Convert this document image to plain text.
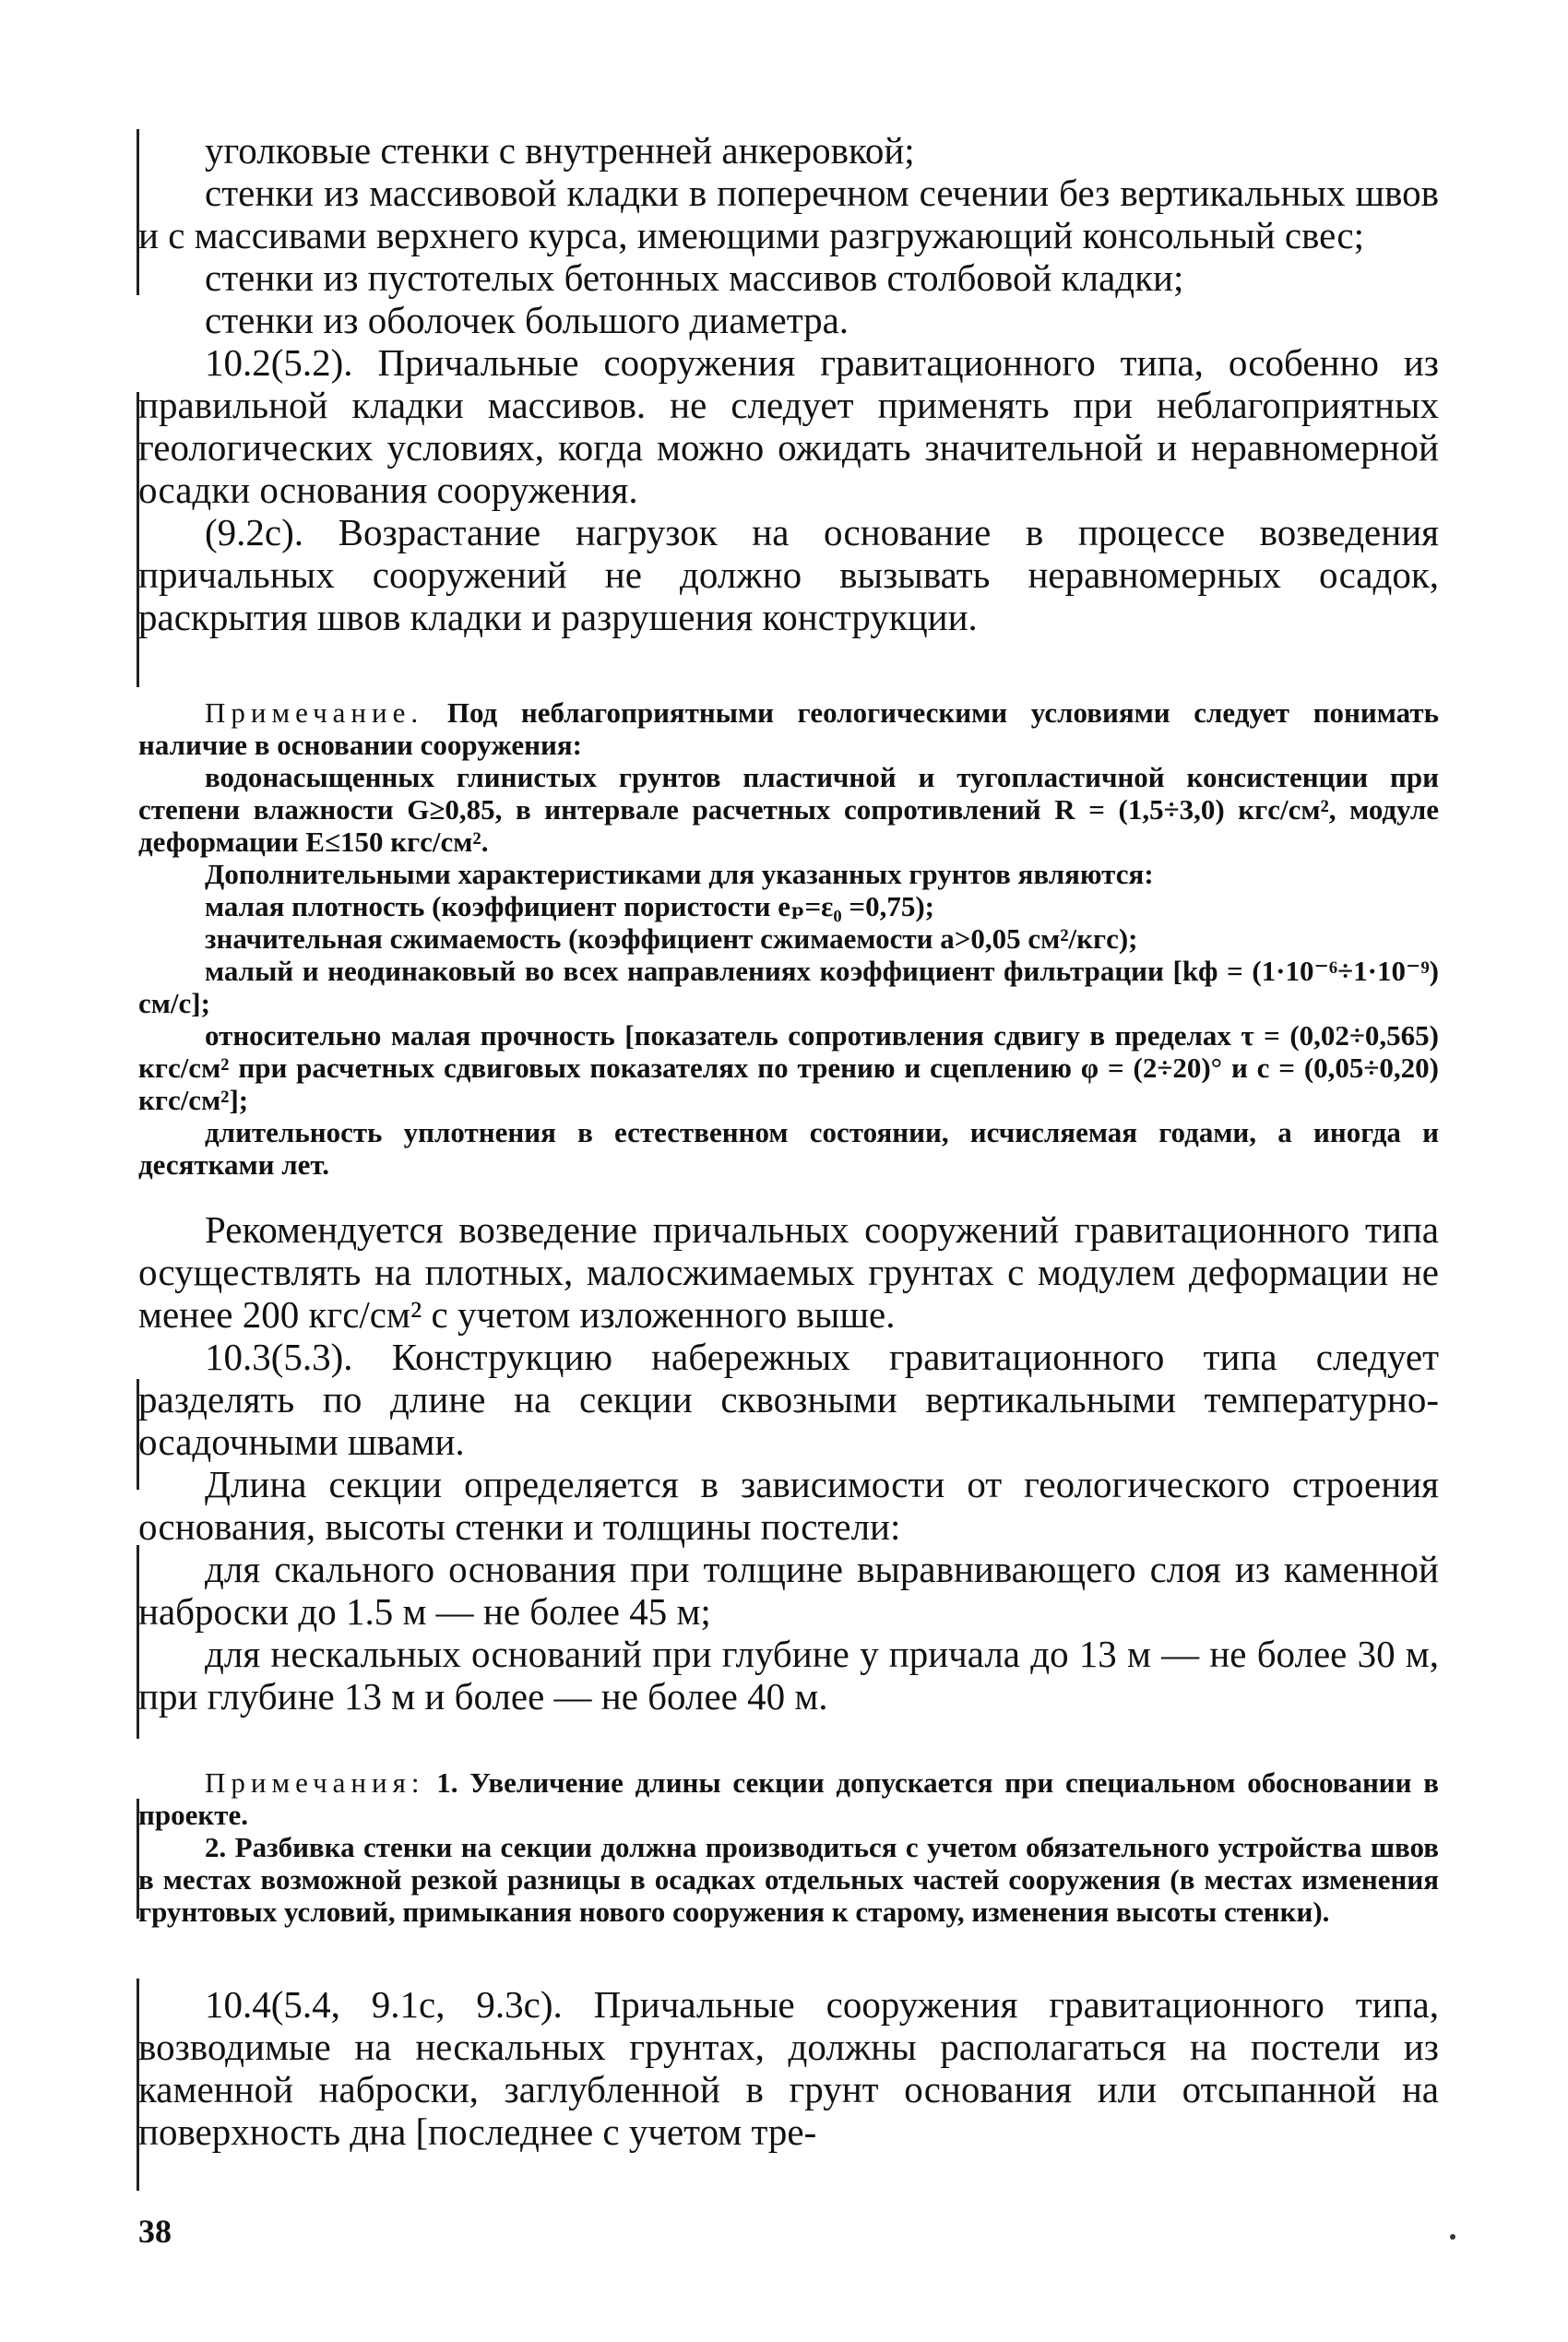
уголковые стенки с внутренней анкеровкой;

стенки из массивовой кладки в поперечном сечении без вертикальных швов и с массивами верхнего курса, имеющими разгружающий консольный свес;

стенки из пустотелых бетонных массивов столбовой кладки;

стенки из оболочек большого диаметра.

10.2(5.2). Причальные сооружения гравитационного типа, особенно из правильной кладки массивов. не следует применять при неблагоприятных геологических условиях, когда можно ожидать значительной и неравномерной осадки основания сооружения.

(9.2с). Возрастание нагрузок на основание в процессе возведения причальных сооружений не должно вызывать неравномерных осадок, раскрытия швов кладки и разрушения конструкции.

Примечание. Под неблагоприятными геологическими условиями следует понимать наличие в основании сооружения:

водонасыщенных глинистых грунтов пластичной и тугопластичной консистенции при степени влажности G≥0,85, в интервале расчетных сопротивлений R = (1,5÷3,0) кгс/см², модуле деформации E≤150 кгс/см².

Дополнительными характеристиками для указанных грунтов являются:

малая плотность (коэффициент пористости eₚ=ε₀ =0,75);

значительная сжимаемость (коэффициент сжимаемости a>0,05 см²/кгс);

малый и неодинаковый во всех направлениях коэффициент фильтрации [kф = (1·10⁻⁶÷1·10⁻⁹) см/с];

относительно малая прочность [показатель сопротивления сдвигу в пределах τ = (0,02÷0,565) кгс/см² при расчетных сдвиговых показателях по трению и сцеплению φ = (2÷20)° и c = (0,05÷0,20) кгс/см²];

длительность уплотнения в естественном состоянии, исчисляемая годами, а иногда и десятками лет.

Рекомендуется возведение причальных сооружений гравитационного типа осуществлять на плотных, малосжимаемых грунтах с модулем деформации не менее 200 кгс/см² с учетом изложенного выше.

10.3(5.3). Конструкцию набережных гравитационного типа следует разделять по длине на секции сквозными вертикальными температурно-осадочными швами.

Длина секции определяется в зависимости от геологического строения основания, высоты стенки и толщины постели:

для скального основания при толщине выравнивающего слоя из каменной наброски до 1.5 м — не более 45 м;

для нескальных оснований при глубине у причала до 13 м — не более 30 м, при глубине 13 м и более — не более 40 м.

Примечания: 1. Увеличение длины секции допускается при специальном обосновании в проекте.

2. Разбивка стенки на секции должна производиться с учетом обязательного устройства швов в местах возможной резкой разницы в осадках отдельных частей сооружения (в местах изменения грунтовых условий, примыкания нового сооружения к старому, изменения высоты стенки).

10.4(5.4, 9.1с, 9.3с). Причальные сооружения гравитационного типа, возводимые на нескальных грунтах, должны располагаться на постели из каменной наброски, заглубленной в грунт основания или отсыпанной на поверхность дна [последнее с учетом тре-

38
